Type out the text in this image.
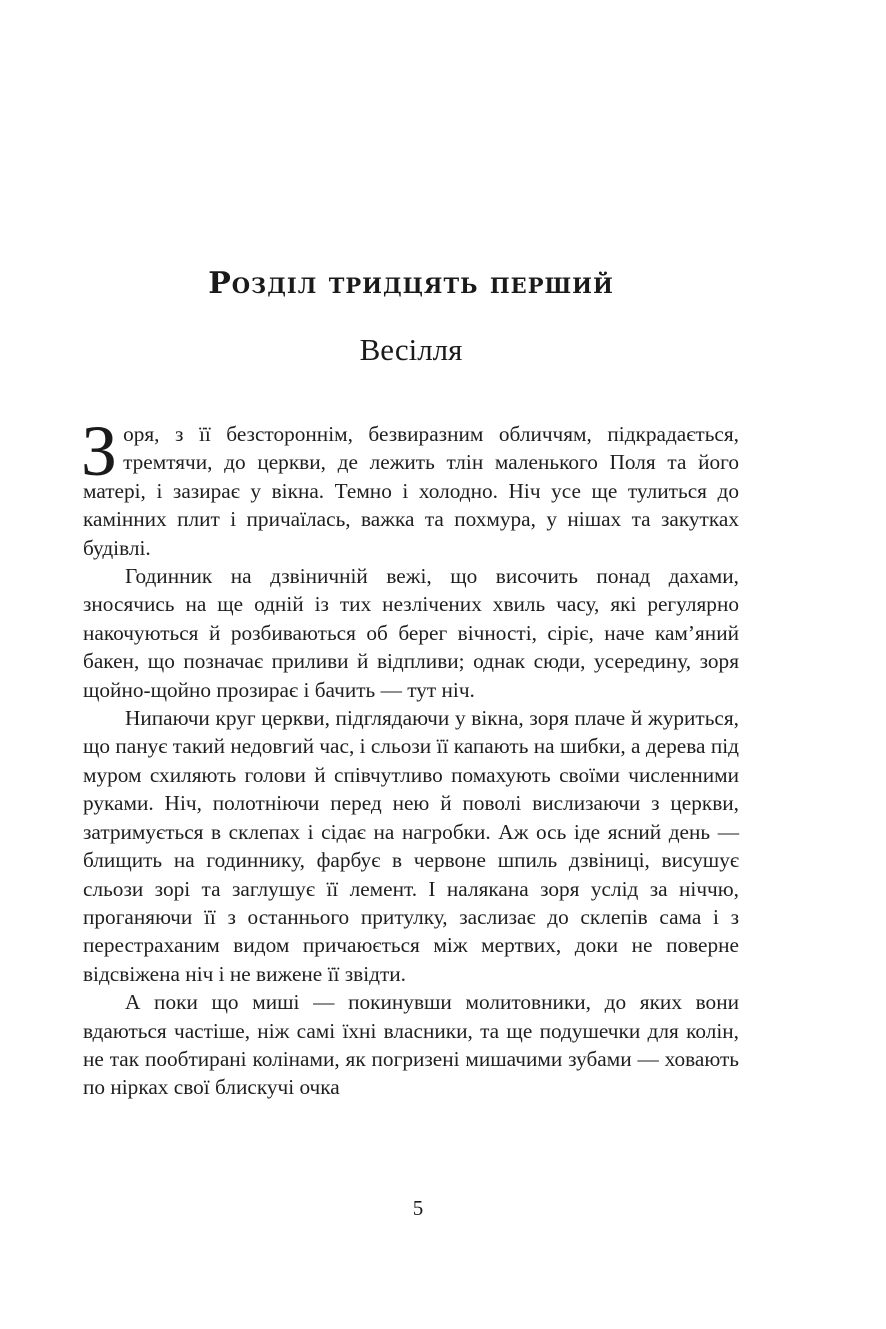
Розділ тридцять перший
Весілля

Зоря, з її безстороннім, безвиразним обличчям, підкрадається, тремтячи, до церкви, де лежить тлін маленького Поля та його матері, і зазирає у вікна. Темно і холодно. Ніч усе ще тулиться до камінних плит і причаїлась, важка та похмура, у нішах та закутках будівлі.

Годинник на дзвіничній вежі, що височить понад дахами, зносячись на ще одній із тих незлічених хвиль часу, які регулярно накочуються й розбиваються об берег вічності, сіріє, наче кам’яний бакен, що позначає приливи й відпливи; однак сюди, усередину, зоря щойно-щойно прозирає і бачить — тут ніч.

Нипаючи круг церкви, підглядаючи у вікна, зоря плаче й журиться, що панує такий недовгий час, і сльози її капають на шибки, а дерева під муром схиляють голови й співчутливо помахують своїми численними руками. Ніч, полотніючи перед нею й поволі вислизаючи з церкви, затримується в склепах і сідає на нагробки. Аж ось іде ясний день — блищить на годиннику, фарбує в червоне шпиль дзвіниці, висушує сльози зорі та заглушує її лемент. І налякана зоря услід за ніччю, проганяючи її з останнього притулку, заслизає до склепів сама і з перестраханим видом причаюється між мертвих, доки не поверне відсвіжена ніч і не вижене її звідти.

А поки що миші — покинувши молитовники, до яких вони вдаються частіше, ніж самі їхні власники, та ще подушечки для колін, не так пообтирані колінами, як погризені мишачими зубами — ховають по нірках свої блискучі очка

5
